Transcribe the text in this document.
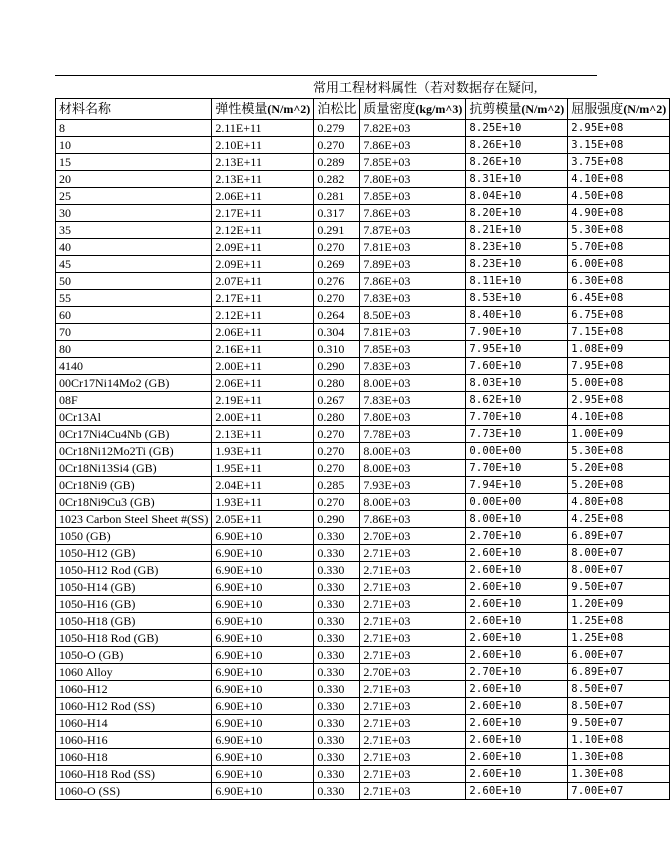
常用工程材料属性（若对数据存在疑问,
材料名称	弹性模量(N/m^2)	泊松比	质量密度(kg/m^3)	抗剪模量(N/m^2)	屈服强度(N/m^2)
8	2.11E+11	0.279	7.82E+03	8.25E+10	2.95E+08
10	2.10E+11	0.270	7.86E+03	8.26E+10	3.15E+08
15	2.13E+11	0.289	7.85E+03	8.26E+10	3.75E+08
20	2.13E+11	0.282	7.80E+03	8.31E+10	4.10E+08
25	2.06E+11	0.281	7.85E+03	8.04E+10	4.50E+08
30	2.17E+11	0.317	7.86E+03	8.20E+10	4.90E+08
35	2.12E+11	0.291	7.87E+03	8.21E+10	5.30E+08
40	2.09E+11	0.270	7.81E+03	8.23E+10	5.70E+08
45	2.09E+11	0.269	7.89E+03	8.23E+10	6.00E+08
50	2.07E+11	0.276	7.86E+03	8.11E+10	6.30E+08
55	2.17E+11	0.270	7.83E+03	8.53E+10	6.45E+08
60	2.12E+11	0.264	8.50E+03	8.40E+10	6.75E+08
70	2.06E+11	0.304	7.81E+03	7.90E+10	7.15E+08
80	2.16E+11	0.310	7.85E+03	7.95E+10	1.08E+09
4140	2.00E+11	0.290	7.83E+03	7.60E+10	7.95E+08
00Cr17Ni14Mo2 (GB)	2.06E+11	0.280	8.00E+03	8.03E+10	5.00E+08
08F	2.19E+11	0.267	7.83E+03	8.62E+10	2.95E+08
0Cr13Al	2.00E+11	0.280	7.80E+03	7.70E+10	4.10E+08
0Cr17Ni4Cu4Nb (GB)	2.13E+11	0.270	7.78E+03	7.73E+10	1.00E+09
0Cr18Ni12Mo2Ti (GB)	1.93E+11	0.270	8.00E+03	0.00E+00	5.30E+08
0Cr18Ni13Si4 (GB)	1.95E+11	0.270	8.00E+03	7.70E+10	5.20E+08
0Cr18Ni9 (GB)	2.04E+11	0.285	7.93E+03	7.94E+10	5.20E+08
0Cr18Ni9Cu3 (GB)	1.93E+11	0.270	8.00E+03	0.00E+00	4.80E+08
1023 Carbon Steel Sheet #(SS)	2.05E+11	0.290	7.86E+03	8.00E+10	4.25E+08
1050 (GB)	6.90E+10	0.330	2.70E+03	2.70E+10	6.89E+07
1050-H12 (GB)	6.90E+10	0.330	2.71E+03	2.60E+10	8.00E+07
1050-H12 Rod (GB)	6.90E+10	0.330	2.71E+03	2.60E+10	8.00E+07
1050-H14 (GB)	6.90E+10	0.330	2.71E+03	2.60E+10	9.50E+07
1050-H16 (GB)	6.90E+10	0.330	2.71E+03	2.60E+10	1.20E+09
1050-H18 (GB)	6.90E+10	0.330	2.71E+03	2.60E+10	1.25E+08
1050-H18 Rod (GB)	6.90E+10	0.330	2.71E+03	2.60E+10	1.25E+08
1050-O (GB)	6.90E+10	0.330	2.71E+03	2.60E+10	6.00E+07
1060 Alloy	6.90E+10	0.330	2.70E+03	2.70E+10	6.89E+07
1060-H12	6.90E+10	0.330	2.71E+03	2.60E+10	8.50E+07
1060-H12 Rod (SS)	6.90E+10	0.330	2.71E+03	2.60E+10	8.50E+07
1060-H14	6.90E+10	0.330	2.71E+03	2.60E+10	9.50E+07
1060-H16	6.90E+10	0.330	2.71E+03	2.60E+10	1.10E+08
1060-H18	6.90E+10	0.330	2.71E+03	2.60E+10	1.30E+08
1060-H18 Rod (SS)	6.90E+10	0.330	2.71E+03	2.60E+10	1.30E+08
1060-O (SS)	6.90E+10	0.330	2.71E+03	2.60E+10	7.00E+07
